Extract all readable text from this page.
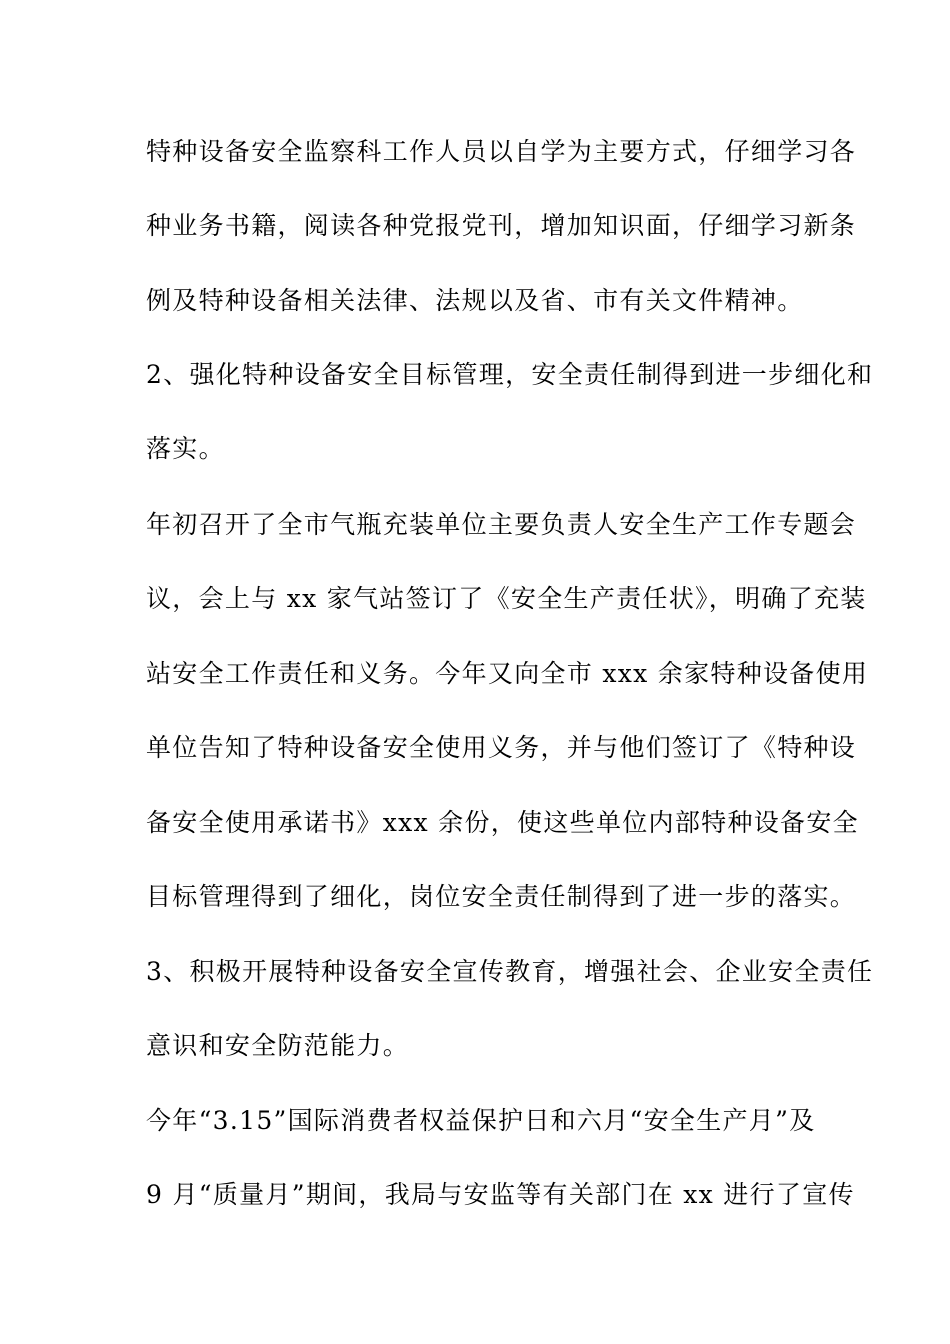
特种设备安全监察科工作人员以自学为主要方式，仔细学习各
种业务书籍，阅读各种党报党刊，增加知识面，仔细学习新条
例及特种设备相关法律、法规以及省、市有关文件精神。
2、强化特种设备安全目标管理，安全责任制得到进一步细化和
落实。
年初召开了全市气瓶充装单位主要负责人安全生产工作专题会
议，会上与 xx 家气站签订了《安全生产责任状》，明确了充装
站安全工作责任和义务。今年又向全市 xxx 余家特种设备使用
单位告知了特种设备安全使用义务，并与他们签订了《特种设
备安全使用承诺书》xxx 余份，使这些单位内部特种设备安全
目标管理得到了细化，岗位安全责任制得到了进一步的落实。
3、积极开展特种设备安全宣传教育，增强社会、企业安全责任
意识和安全防范能力。
今年“3.15”国际消费者权益保护日和六月“安全生产月”及
9 月“质量月”期间，我局与安监等有关部门在 xx 进行了宣传
